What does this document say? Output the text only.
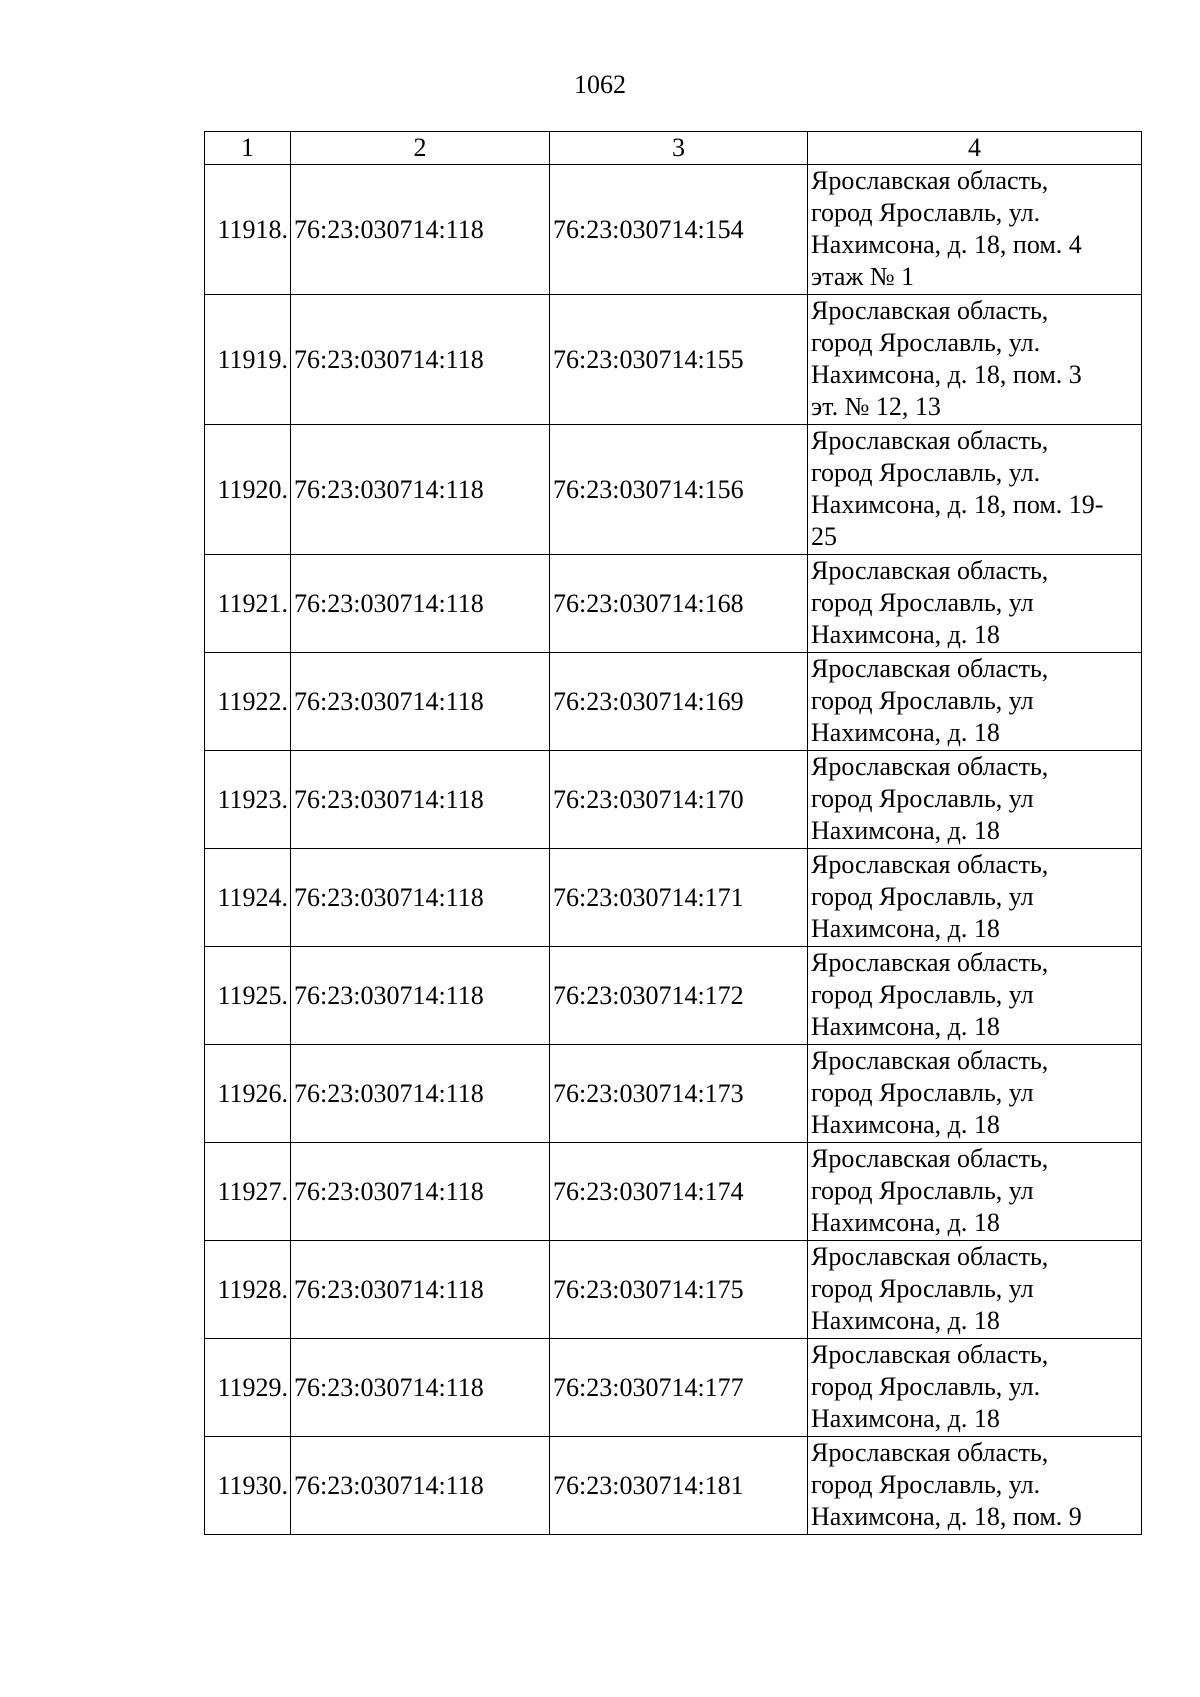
1062
1	2	3	4
11918.	76:23:030714:118	76:23:030714:154	Ярославская область,
город Ярославль, ул.
Нахимсона, д. 18, пом. 4
этаж № 1
11919.	76:23:030714:118	76:23:030714:155	Ярославская область,
город Ярославль, ул.
Нахимсона, д. 18, пом. 3
эт. № 12, 13
11920.	76:23:030714:118	76:23:030714:156	Ярославская область,
город Ярославль, ул.
Нахимсона, д. 18, пом. 19-
25
11921.	76:23:030714:118	76:23:030714:168	Ярославская область,
город Ярославль, ул
Нахимсона, д. 18
11922.	76:23:030714:118	76:23:030714:169	Ярославская область,
город Ярославль, ул
Нахимсона, д. 18
11923.	76:23:030714:118	76:23:030714:170	Ярославская область,
город Ярославль, ул
Нахимсона, д. 18
11924.	76:23:030714:118	76:23:030714:171	Ярославская область,
город Ярославль, ул
Нахимсона, д. 18
11925.	76:23:030714:118	76:23:030714:172	Ярославская область,
город Ярославль, ул
Нахимсона, д. 18
11926.	76:23:030714:118	76:23:030714:173	Ярославская область,
город Ярославль, ул
Нахимсона, д. 18
11927.	76:23:030714:118	76:23:030714:174	Ярославская область,
город Ярославль, ул
Нахимсона, д. 18
11928.	76:23:030714:118	76:23:030714:175	Ярославская область,
город Ярославль, ул
Нахимсона, д. 18
11929.	76:23:030714:118	76:23:030714:177	Ярославская область,
город Ярославль, ул.
Нахимсона, д. 18
11930.	76:23:030714:118	76:23:030714:181	Ярославская область,
город Ярославль, ул.
Нахимсона, д. 18, пом. 9
